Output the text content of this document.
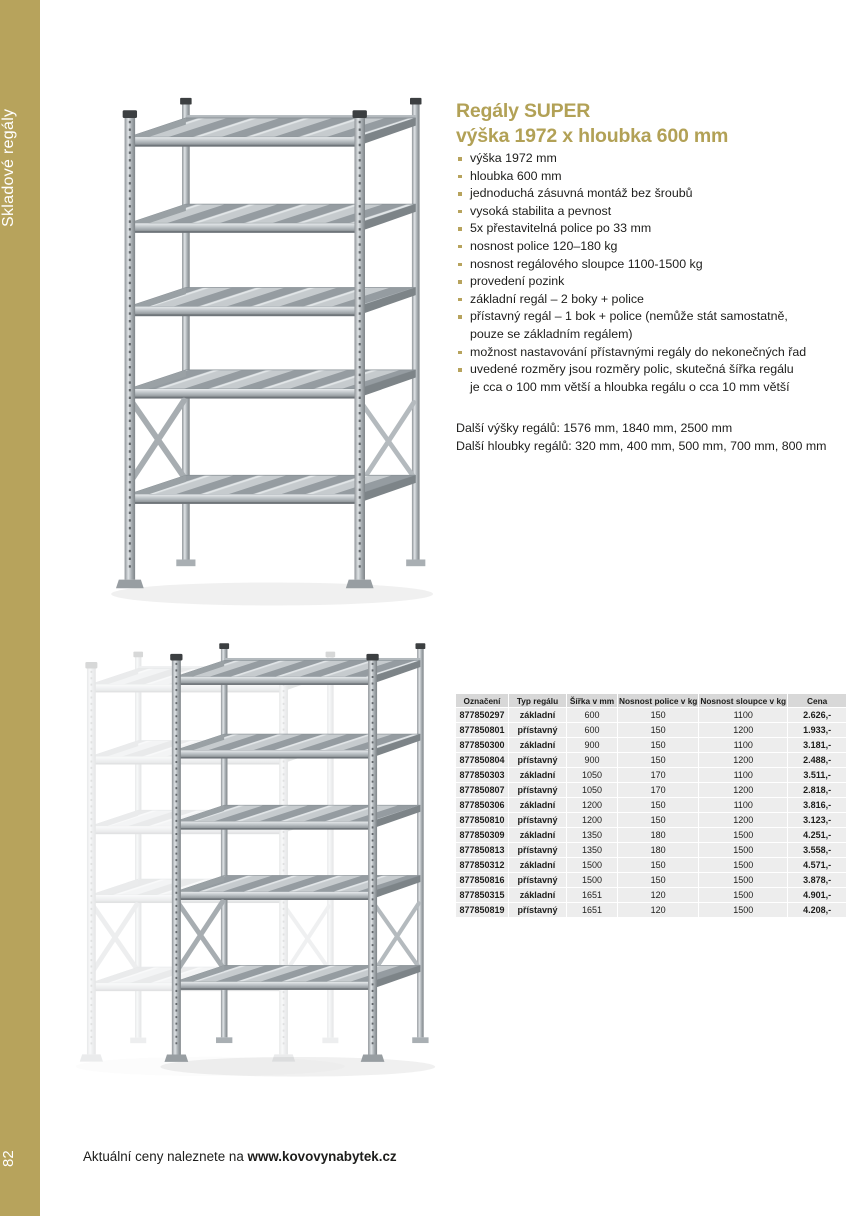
Skladové regály
82
Regály SUPER
výška 1972 x hloubka 600 mm
výška 1972 mm
hloubka 600 mm
jednoduchá zásuvná montáž bez šroubů
vysoká stabilita a pevnost
5x přestavitelná police po 33 mm
nosnost police 120–180 kg
nosnost regálového sloupce 1100-1500 kg
provedení pozink
základní regál – 2 boky + police
přístavný regál – 1 bok + police (nemůže stát samostatně,
pouze se základním regálem)
možnost nastavování přístavnými regály do nekonečných řad
uvedené rozměry jsou rozměry polic, skutečná šířka regálu
je cca o 100 mm větší a hloubka regálu o cca 10 mm větší
Další výšky regálů: 1576 mm, 1840 mm, 2500 mm
Další hloubky regálů: 320 mm, 400 mm, 500 mm, 700 mm, 800 mm
Označení	Typ regálu	Šířka v mm	Nosnost police v kg	Nosnost sloupce v kg	Cena
877850297	základní	600	150	1100	2.626,-
877850801	přístavný	600	150	1200	1.933,-
877850300	základní	900	150	1100	3.181,-
877850804	přístavný	900	150	1200	2.488,-
877850303	základní	1050	170	1100	3.511,-
877850807	přístavný	1050	170	1200	2.818,-
877850306	základní	1200	150	1100	3.816,-
877850810	přístavný	1200	150	1200	3.123,-
877850309	základní	1350	180	1500	4.251,-
877850813	přístavný	1350	180	1500	3.558,-
877850312	základní	1500	150	1500	4.571,-
877850816	přístavný	1500	150	1500	3.878,-
877850315	základní	1651	120	1500	4.901,-
877850819	přístavný	1651	120	1500	4.208,-
Aktuální ceny naleznete na www.kovovynabytek.cz
